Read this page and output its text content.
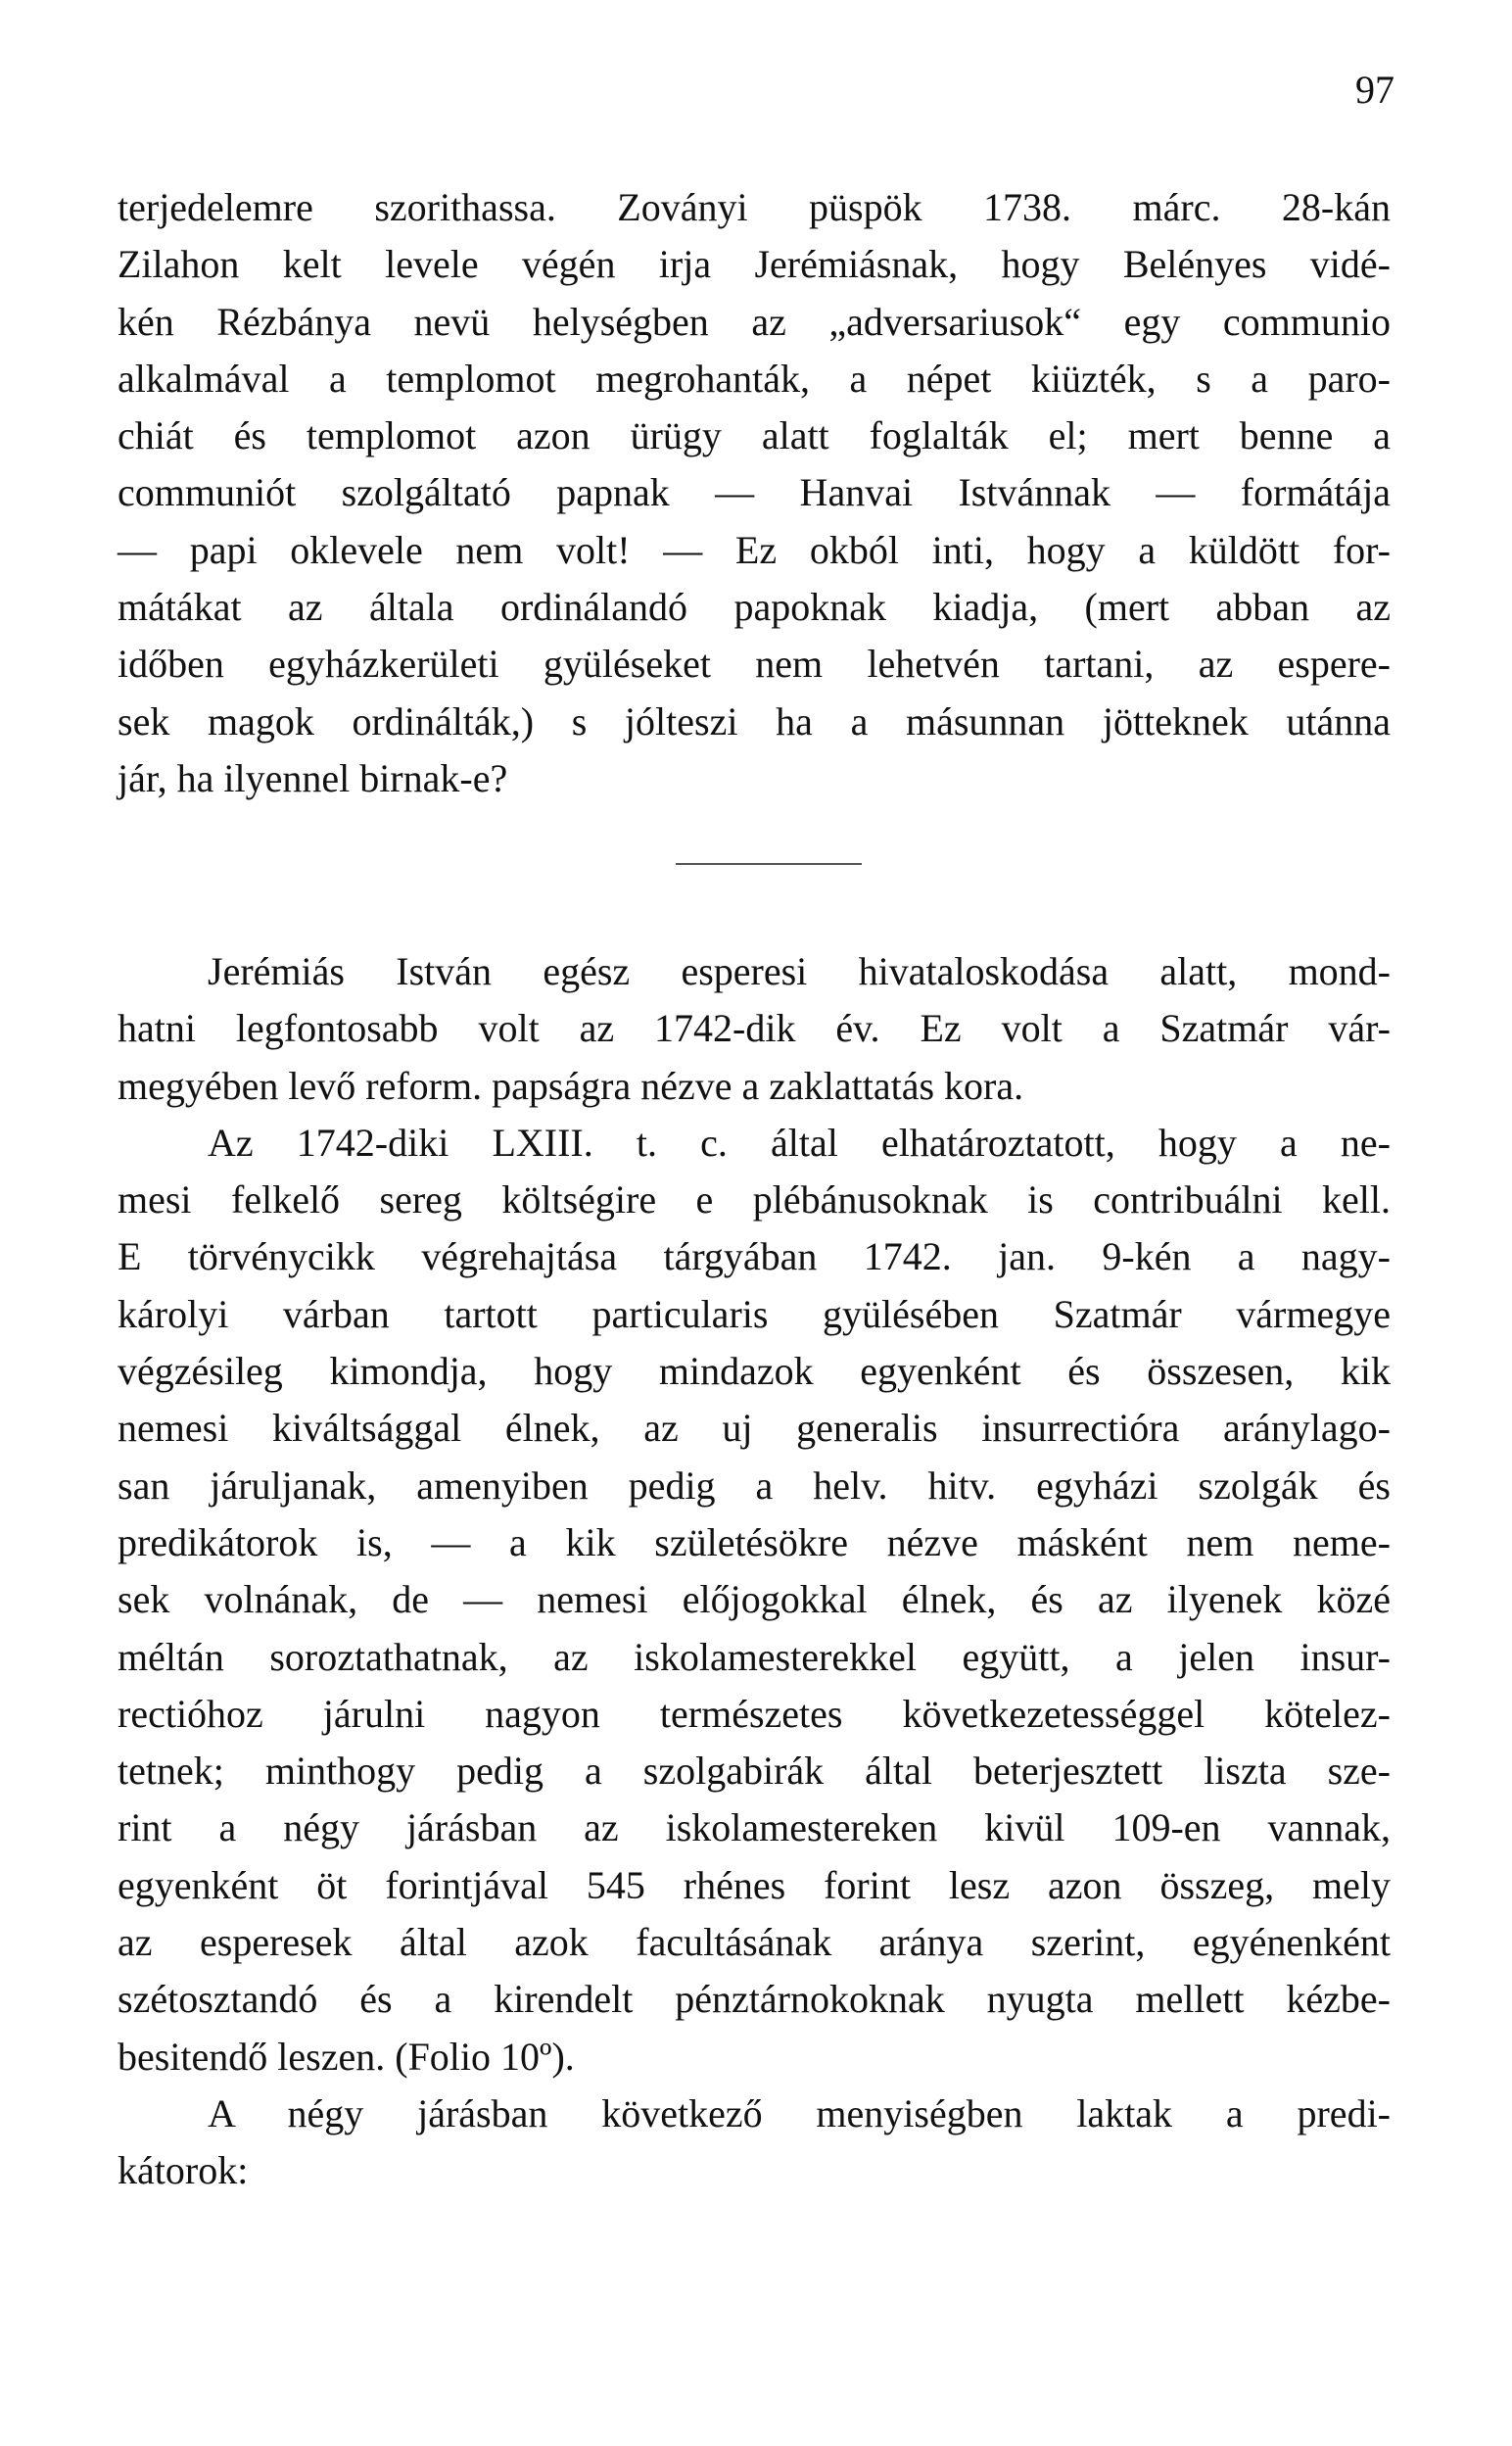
97
terjedelemre szorithassa. Zoványi püspök 1738. márc. 28-kán
Zilahon kelt levele végén irja Jerémiásnak, hogy Belényes vidé-
kén Rézbánya nevü helységben az „adversariusok“ egy communio
alkalmával a templomot megrohanták, a népet kiüzték, s a paro-
chiát és templomot azon ürügy alatt foglalták el; mert benne a
communiót szolgáltató papnak — Hanvai Istvánnak — formátája
— papi oklevele nem volt! — Ez okból inti, hogy a küldött for-
mátákat az általa ordinálandó papoknak kiadja, (mert abban az
időben egyházkerületi gyüléseket nem lehetvén tartani, az espere-
sek magok ordinálták,) s jólteszi ha a másunnan jötteknek utánna
jár, ha ilyennel birnak-e?
Jerémiás István egész esperesi hivataloskodása alatt, mond-
hatni legfontosabb volt az 1742-dik év. Ez volt a Szatmár vár-
megyében levő reform. papságra nézve a zaklattatás kora.
Az 1742-diki LXIII. t. c. által elhatároztatott, hogy a ne-
mesi felkelő sereg költségire e plébánusoknak is contribuálni kell.
E törvénycikk végrehajtása tárgyában 1742. jan. 9-kén a nagy-
károlyi várban tartott particularis gyülésében Szatmár vármegye
végzésileg kimondja, hogy mindazok egyenként és összesen, kik
nemesi kiváltsággal élnek, az uj generalis insurrectióra aránylago-
san járuljanak, amenyiben pedig a helv. hitv. egyházi szolgák és
predikátorok is, — a kik születésökre nézve másként nem neme-
sek volnának, de — nemesi előjogokkal élnek, és az ilyenek közé
méltán soroztathatnak, az iskolamesterekkel együtt, a jelen insur-
rectióhoz járulni nagyon természetes következetességgel kötelez-
tetnek; minthogy pedig a szolgabirák által beterjesztett liszta sze-
rint a négy járásban az iskolamestereken kivül 109-en vannak,
egyenként öt forintjával 545 rhénes forint lesz azon összeg, mely
az esperesek által azok facultásának aránya szerint, egyénenként
szétosztandó és a kirendelt pénztárnokoknak nyugta mellett kézbe-
besitendő leszen. (Folio 10º).
A négy járásban következő menyiségben laktak a predi-
kátorok:
